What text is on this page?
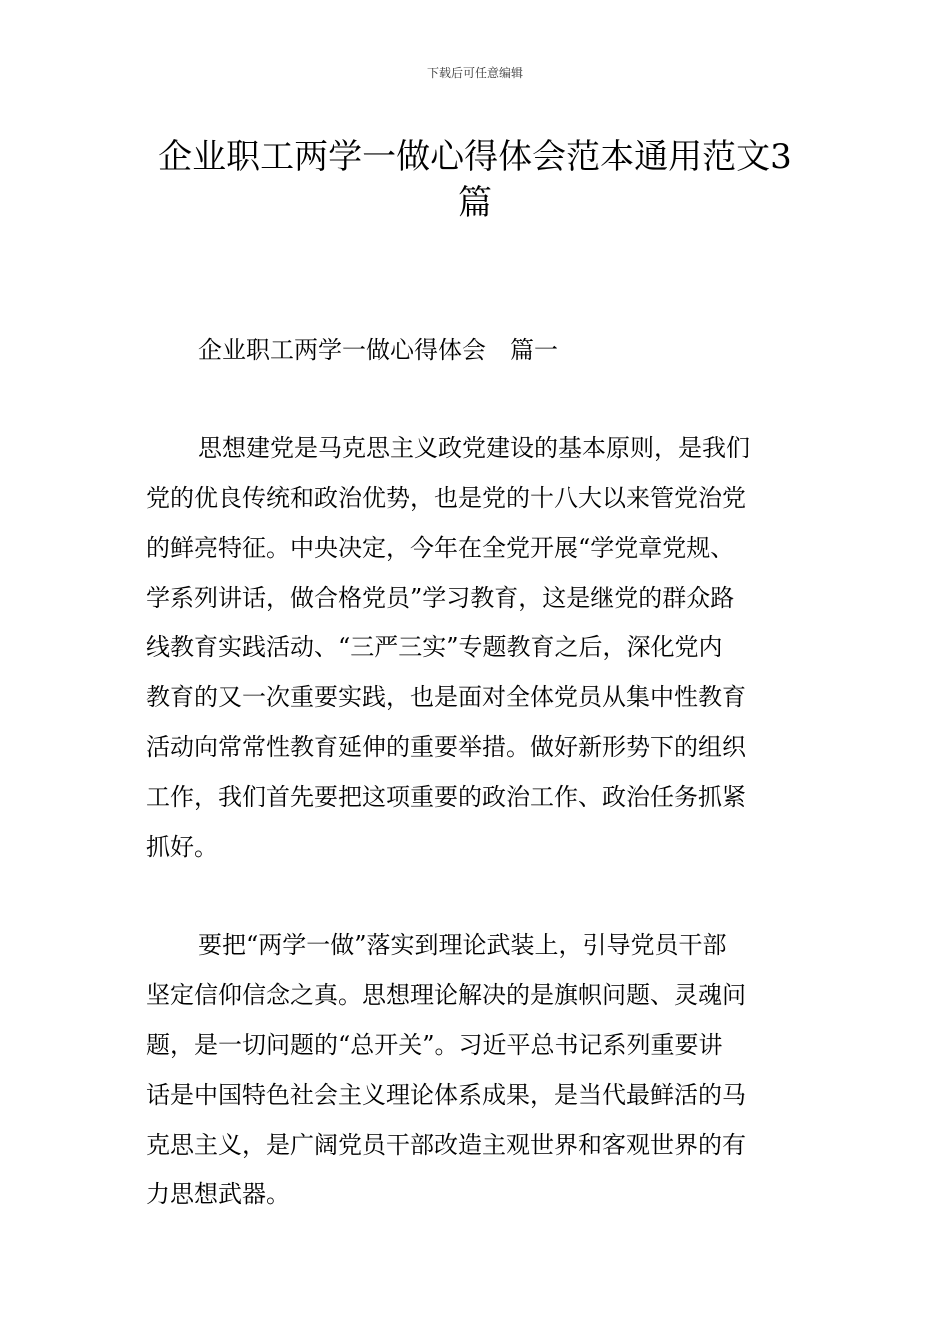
下载后可任意编辑
企业职工两学一做心得体会范本通用范文3
篇
企业职工两学一做心得体会　篇一
思想建党是马克思主义政党建设的基本原则，是我们
党的优良传统和政治优势，也是党的十八大以来管党治党
的鲜亮特征。中央决定，今年在全党开展“学党章党规、
学系列讲话，做合格党员”学习教育，这是继党的群众路
线教育实践活动、“三严三实”专题教育之后，深化党内
教育的又一次重要实践，也是面对全体党员从集中性教育
活动向常常性教育延伸的重要举措。做好新形势下的组织
工作，我们首先要把这项重要的政治工作、政治任务抓紧
抓好。
要把“两学一做”落实到理论武装上，引导党员干部
坚定信仰信念之真。思想理论解决的是旗帜问题、灵魂问
题，是一切问题的“总开关”。习近平总书记系列重要讲
话是中国特色社会主义理论体系成果，是当代最鲜活的马
克思主义，是广阔党员干部改造主观世界和客观世界的有
力思想武器。
